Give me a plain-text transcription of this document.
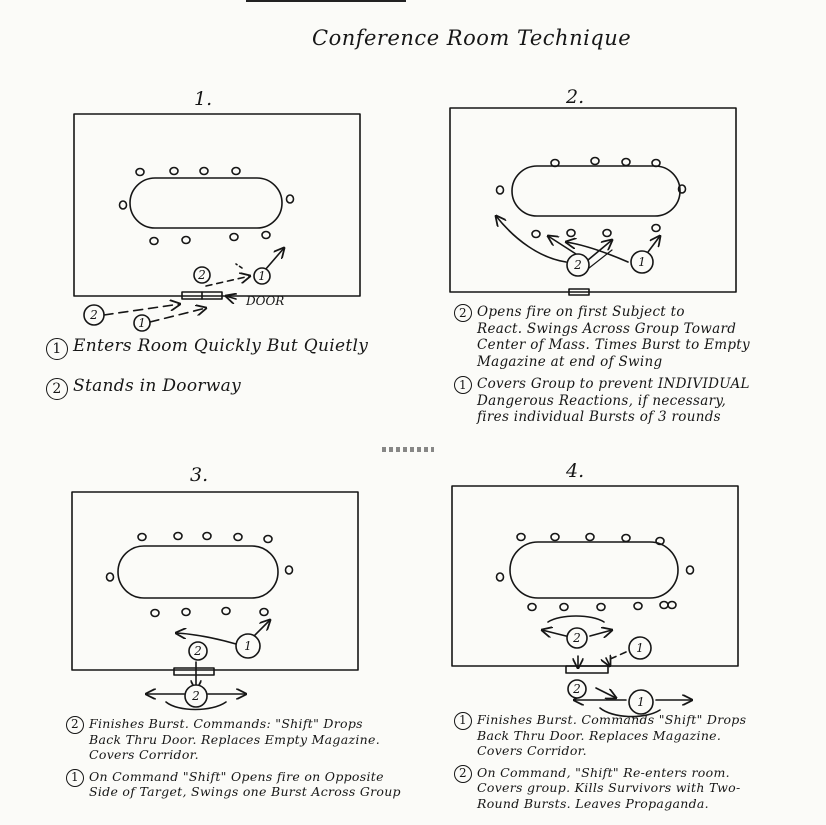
Conference Room Technique
1.	2.
3.	4.
2	1
2
1
2	1
2
2
1
2
1
2
1
DOOR
1 Enters Room Quickly But Quietly
2 Stands in Doorway
2 Opens fire on first Subject to
React. Swings Across Group Toward
Center of Mass. Times Burst to Empty
Magazine at end of Swing
1 Covers Group to prevent INDIVIDUAL
Dangerous Reactions, if necessary,
fires individual Bursts of 3 rounds
2 Finishes Burst. Commands: "Shift" Drops
Back Thru Door. Replaces Empty Magazine.
Covers Corridor.
1 On Command "Shift" Opens fire on Opposite
Side of Target, Swings one Burst Across Group
1 Finishes Burst. Commands "Shift" Drops
Back Thru Door. Replaces Magazine.
Covers Corridor.
2 On Command, "Shift" Re-enters room.
Covers group. Kills Survivors with Two-
Round Bursts. Leaves Propaganda.
